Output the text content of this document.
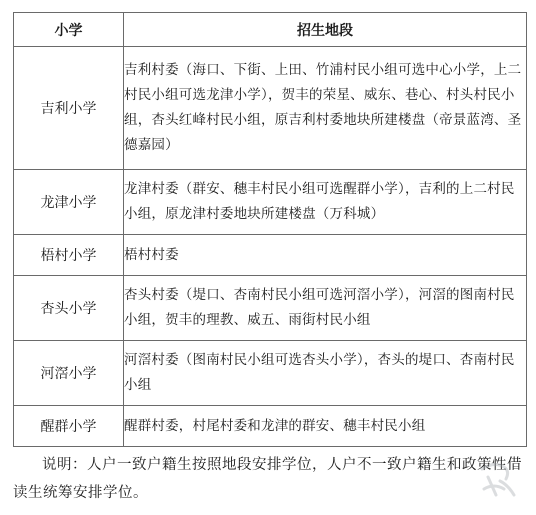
小学	招生地段
吉利小学	吉利村委（海口、下街、上田、竹浦村民小组可选中心小学，上二村民小组可选龙津小学），贺丰的荣星、威东、巷心、村头村民小组，杏头红峰村民小组，原吉利村委地块所建楼盘（帝景蓝湾、圣德嘉园）
龙津小学	龙津村委（群安、穗丰村民小组可选醒群小学），吉利的上二村民小组，原龙津村委地块所建楼盘（万科城）
梧村小学	梧村村委
杏头小学	杏头村委（堤口、杏南村民小组可选河滘小学），河滘的图南村民小组，贺丰的理教、威五、雨街村民小组
河滘小学	河滘村委（图南村民小组可选杏头小学），杏头的堤口、杏南村民小组
醒群小学	醒群村委，村尾村委和龙津的群安、穗丰村民小组
说明：人户一致户籍生按照地段安排学位，人户不一致户籍生和政策性借读生统筹安排学位。
